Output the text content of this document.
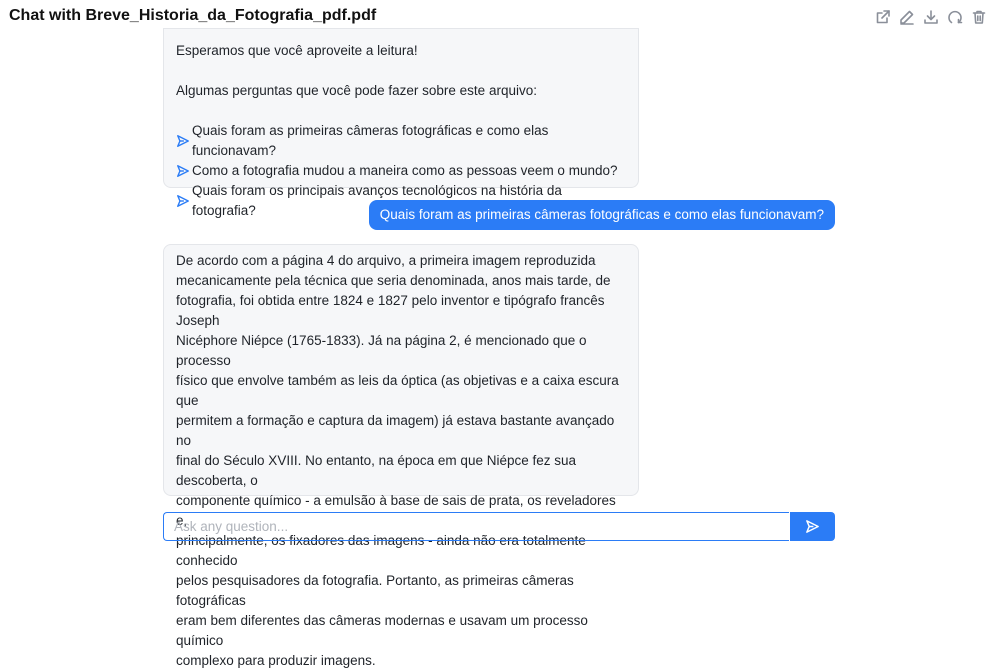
Chat with Breve_Historia_da_Fotografia_pdf.pdf

Esperamos que você aproveite a leitura!

Algumas perguntas que você pode fazer sobre este arquivo:

Quais foram as primeiras câmeras fotográficas e como elas funcionavam?
Como a fotografia mudou a maneira como as pessoas veem o mundo?
Quais foram os principais avanços tecnológicos na história da fotografia?	Quais foram as primeiras câmeras fotográficas e como elas funcionavam?

De acordo com a página 4 do arquivo, a primeira imagem reproduzida

mecanicamente pela técnica que seria denominada, anos mais tarde, de

fotografia, foi obtida entre 1824 e 1827 pelo inventor e tipógrafo francês Joseph

Nicéphore Niépce (1765-1833). Já na página 2, é mencionado que o processo

físico que envolve também as leis da óptica (as objetivas e a caixa escura que

permitem a formação e captura da imagem) já estava bastante avançado no

final do Século XVIII. No entanto, na época em que Niépce fez sua descoberta, o

componente químico - a emulsão à base de sais de prata, os reveladores e,

principalmente, os fixadores das imagens - ainda não era totalmente conhecido

pelos pesquisadores da fotografia. Portanto, as primeiras câmeras fotográficas

eram bem diferentes das câmeras modernas e usavam um processo químico

complexo para produzir imagens.

Ask any question...
